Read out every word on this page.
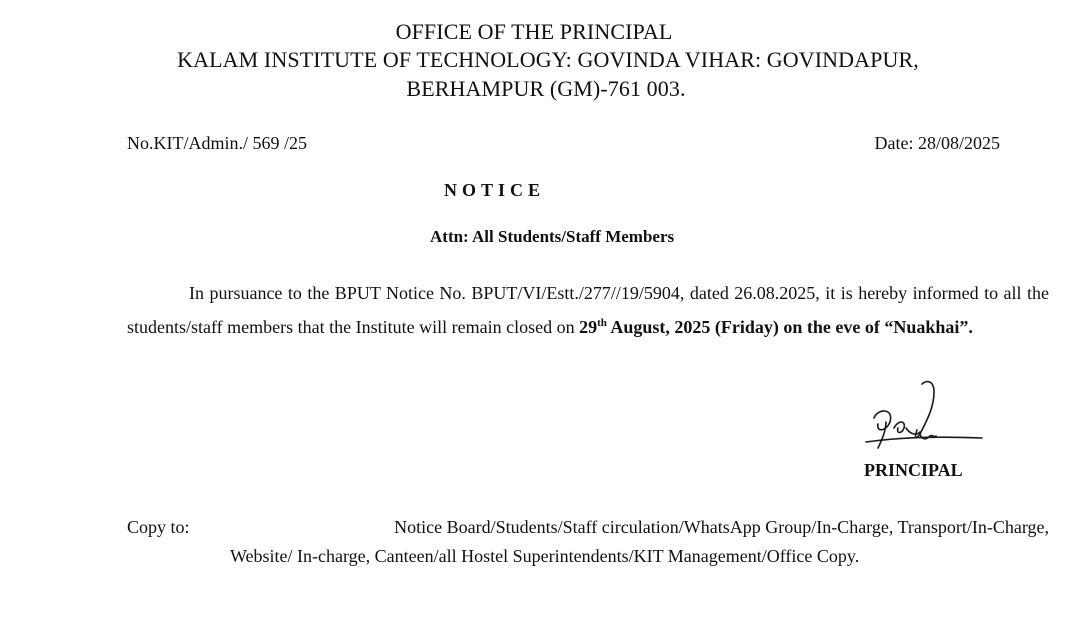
OFFICE OF THE PRINCIPAL
KALAM INSTITUTE OF TECHNOLOGY: GOVINDA VIHAR: GOVINDAPUR,
BERHAMPUR (GM)-761 003.
No.KIT/Admin./ 569 /25	Date: 28/08/2025
NOTICE
Attn: All Students/Staff Members
In pursuance to the BPUT Notice No. BPUT/VI/Estt./277//19/5904, dated 26.08.2025, it is hereby informed to all the students/staff members that the Institute will remain closed on 29th August, 2025 (Friday) on the eve of “Nuakhai”.
PRINCIPAL
Copy to:	Notice Board/Students/Staff circulation/WhatsApp Group/In-Charge, Transport/In-Charge,
Website/ In-charge, Canteen/all Hostel Superintendents/KIT Management/Office Copy.
